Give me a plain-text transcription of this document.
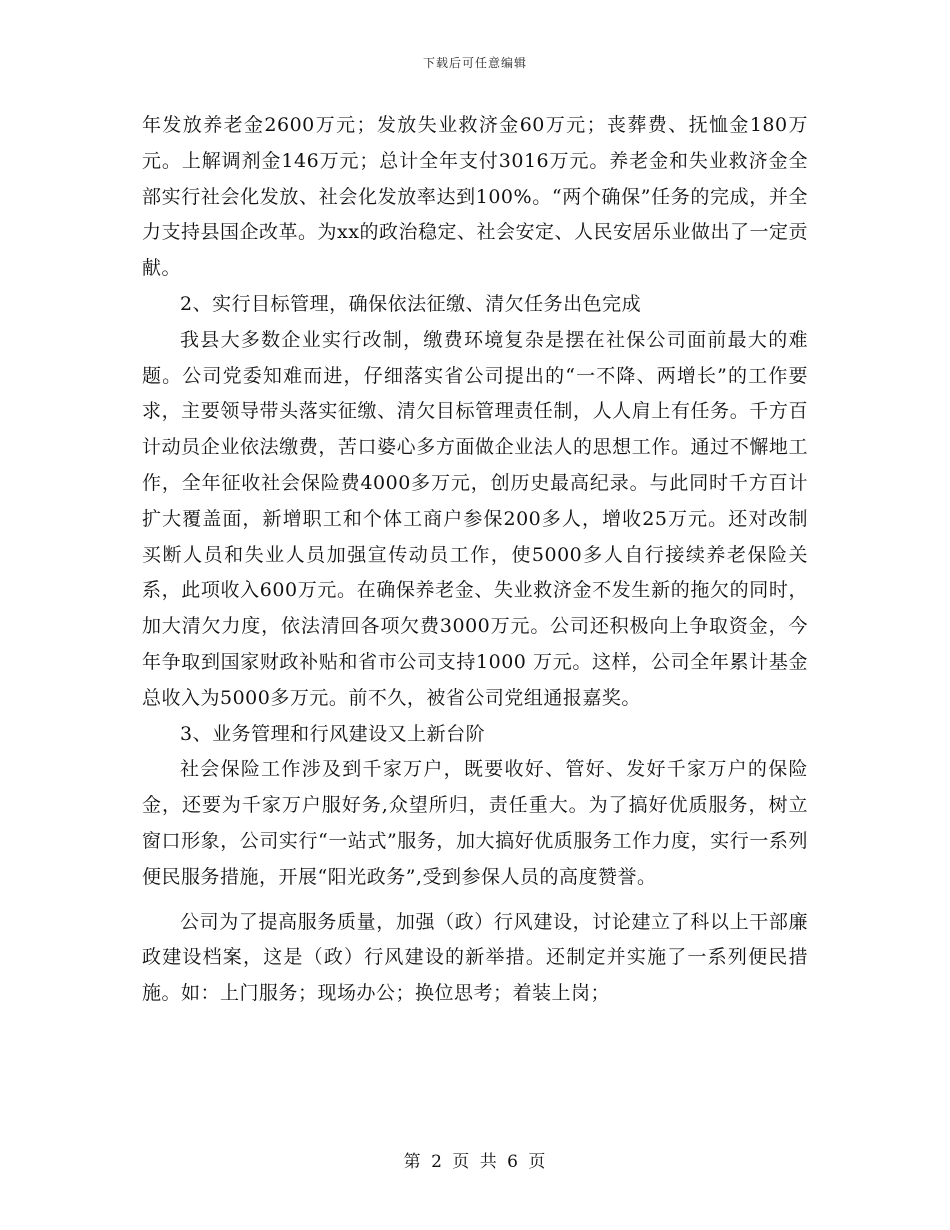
下载后可任意编辑

年发放养老金2600万元；发放失业救济金60万元；丧葬费、抚恤金180万元。上解调剂金146万元；总计全年支付3016万元。养老金和失业救济金全部实行社会化发放、社会化发放率达到100%。“两个确保”任务的完成，并全力支持县国企改革。为xx的政治稳定、社会安定、人民安居乐业做出了一定贡献。

2、实行目标管理，确保依法征缴、清欠任务出色完成

我县大多数企业实行改制，缴费环境复杂是摆在社保公司面前最大的难题。公司党委知难而进，仔细落实省公司提出的“一不降、两增长”的工作要求，主要领导带头落实征缴、清欠目标管理责任制，人人肩上有任务。千方百计动员企业依法缴费，苦口婆心多方面做企业法人的思想工作。通过不懈地工作，全年征收社会保险费4000多万元，创历史最高纪录。与此同时千方百计扩大覆盖面，新增职工和个体工商户参保200多人，增收25万元。还对改制买断人员和失业人员加强宣传动员工作，使5000多人自行接续养老保险关系，此项收入600万元。在确保养老金、失业救济金不发生新的拖欠的同时，加大清欠力度，依法清回各项欠费3000万元。公司还积极向上争取资金，今年争取到国家财政补贴和省市公司支持1000 万元。这样，公司全年累计基金总收入为5000多万元。前不久，被省公司党组通报嘉奖。

3、业务管理和行风建设又上新台阶

社会保险工作涉及到千家万户，既要收好、管好、发好千家万户的保险金，还要为千家万户服好务,众望所归，责任重大。为了搞好优质服务，树立窗口形象，公司实行“一站式”服务，加大搞好优质服务工作力度，实行一系列便民服务措施，开展“阳光政务”,受到参保人员的高度赞誉。

公司为了提高服务质量，加强（政）行风建设，讨论建立了科以上干部廉政建设档案，这是（政）行风建设的新举措。还制定并实施了一系列便民措施。如：上门服务；现场办公；换位思考；着装上岗；

第 2 页 共 6 页
